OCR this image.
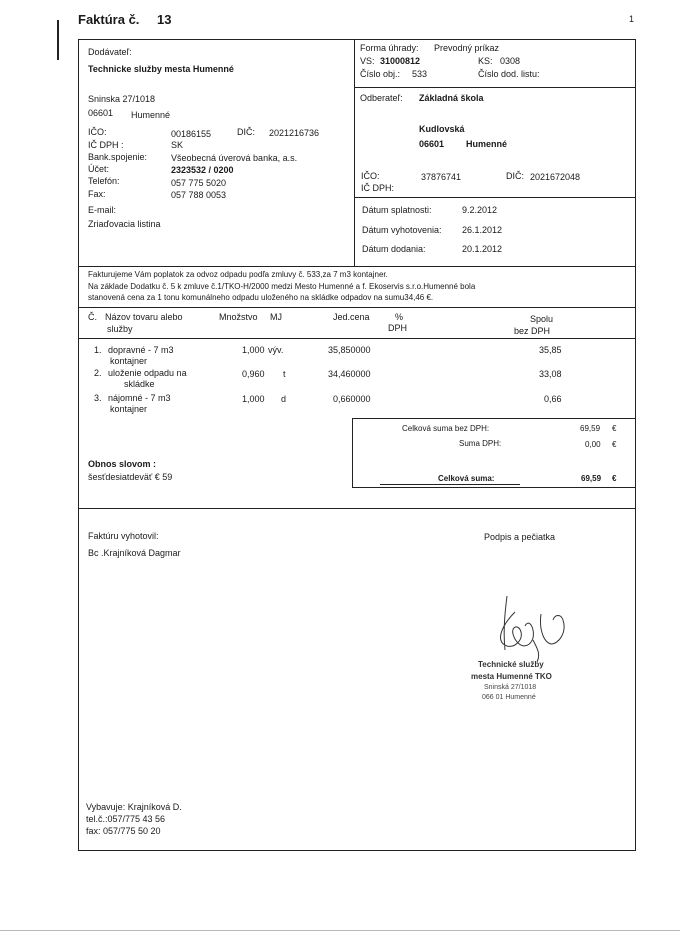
Faktúra č. 13	1
Dodávateľ:
Technicke služby mesta Humenné
Sninska 27/1018
06601 Humenné
IČO:	00186155	DIČ: 2021216736
IČ DPH :	SK
Bank.spojenie:	Všeobecná úverová banka, a.s.
Účet:	2323532 / 0200
Telefón:	057 775 5020
Fax:	057 788 0053
E-mail:
Zriaďovacia listina
Forma úhrady: Prevodný príkaz
VS: 31000812	KS: 0308
Číslo obj.: 533	Číslo dod. listu:
Odberateľ: Základná škola
Kudlovská
06601 Humenné
IČO:	37876741	DIČ: 2021672048
IČ DPH:
Dátum splatnosti:	9.2.2012
Dátum vyhotovenia: 26.1.2012
Dátum dodania:	20.1.2012
Fakturujeme Vám poplatok za odvoz odpadu podľa zmluvy č. 533,za 7 m3 kontajner.
Na základe Dodatku č. 5 k zmluve č.1/TKO-H/2000 medzi Mesto Humenné a f. Ekoservis s.r.o.Humenné bola
stanovená cena za 1 tonu komunálneho odpadu uloženého na skládke odpadov na sumu34,46 €.
Č. Názov tovaru alebo
služby
Množstvo MJ	Jed.cena	%
DPH
Spolu
bez DPH
1. dopravné - 7 m3
kontajner
1,000 výv.	35,850000	35,85
2. uloženie odpadu na
skládke
0,960 t	34,460000	33,08
3. nájomné - 7 m3
kontajner
1,000 d	0,660000	0,66
Celková suma bez DPH:	69,59 €
Suma DPH:	0,00 €
Celková suma:	69,59 €
Obnos slovom :
šesťdesiatdeväť € 59
Faktúru vyhotovil:
Bc .Krajníková Dagmar
Podpis a pečiatka
Technické služby
mesta Humenné TKO
Sninská 27/1018
066 01 Humenné
Vybavuje: Krajníková D.
tel.č.:057/775 43 56
fax: 057/775 50 20
